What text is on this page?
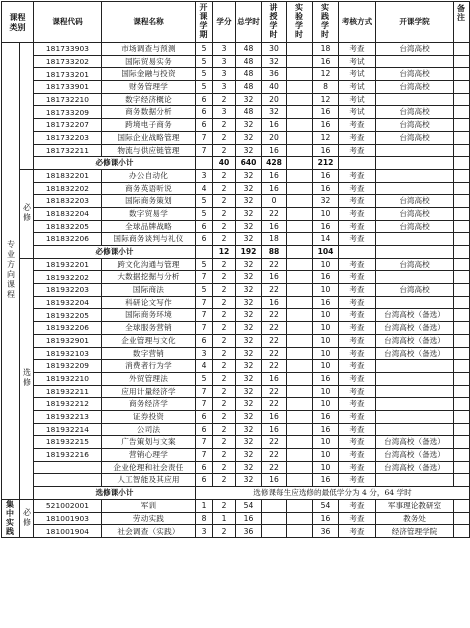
课程类别		课程代码	课程名称	开课学期	学分	总学时	讲授学时	实验学时	实践学时	考核方式	开课学院	备注
专业方向课程		181733903	市场调查与预测	5	3	48	30		18	考查	台湾高校	
		181733202	国际贸易实务	5	3	48	32		16	考试		
		181733201	国际金融与投资	5	3	48	36		12	考试	台湾高校	
		181733901	财务管理学	5	3	48	40		8	考试	台湾高校	
		181732210	数字经济概论	6	2	32	20		12	考试		
		181733209	商务数据分析	6	3	48	32		16	考试	台湾高校	
		181732207	跨境电子商务	6	2	32	16		16	考查	台湾高校	
		181732203	国际企业战略管理	7	2	32	20		12	考查	台湾高校	
		181732211	物流与供应链管理	7	2	32	16		16	考查		
		必修课小计			40	640	428		212			
	必修	181832201	办公自动化	3	2	32	16		16	考查		
		181832202	商务英语听说	4	2	32	16		16	考查		
		181832203	国际商务策划	5	2	32	0		32	考查	台湾高校	
		181832204	数字贸易学	5	2	32	22		10	考查	台湾高校	
		181832205	全球品牌战略	6	2	32	16		16	考查	台湾高校	
		181832206	国际商务谈判与礼仪	6	2	32	18		14	考查		
		必修课小计			12	192	88		104			
	选修	181932201	跨文化沟通与管理	5	2	32	22		10	考查	台湾高校	
		181932202	大数据挖掘与分析	7	2	32	16		16	考查		
		181932203	国际商法	5	2	32	22		10	考查	台湾高校	
		181932204	科研论文写作	7	2	32	16		16	考查		
		181932205	国际商务环境	7	2	32	22		10	考查	台湾高校（备选）	
		181932206	全球服务营销	7	2	32	22		10	考查	台湾高校（备选）	
		181932901	企业管理与文化	6	2	32	22		10	考查	台湾高校（备选）	
		181932103	数字营销	3	2	32	22		10	考查	台湾高校（备选）	
		181932209	消费者行为学	4	2	32	22		10	考查		
		181932210	外贸管理法	5	2	32	16		16	考查		
		181932211	应用计量经济学	7	2	32	22		10	考查		
		181932212	商务经济学	7	2	32	22		10	考查		
		181932213	证券投资	6	2	32	16		16	考查		
		181932214	公司法	6	2	32	16		16	考查		
		181932215	广告策划与文案	7	2	32	22		10	考查	台湾高校（备选）	
		181932216	营销心理学	7	2	32	22		10	考查	台湾高校（备选）	
			企业伦理和社会责任	6	2	32	22		10	考查	台湾高校（备选）	
			人工智能及其应用	6	2	32	16		16	考查		
		选修课小计		选修课每生应选修的最低学分为 4 分，64 学时								
集中实践	必修	521002001	军训	1	2	54			54	考查	军事理论教研室	
		181001903	劳动实践	8	1	16			16	考查	教务处	
		181001904	社会调查（实践）	3	2	36			36	考查	经济管理学院	
